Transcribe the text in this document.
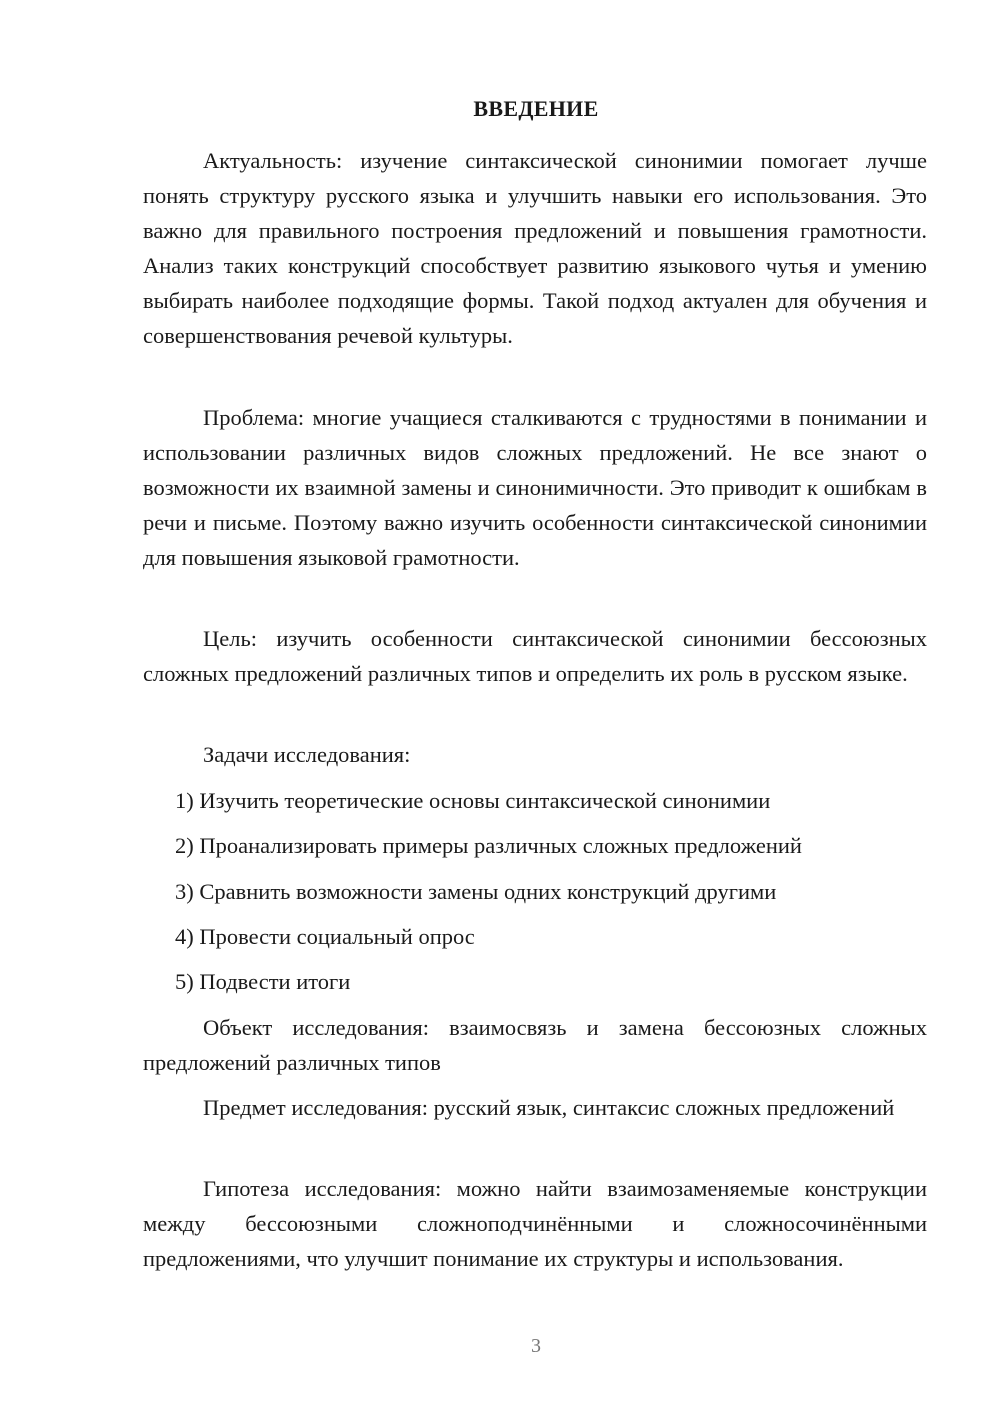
ВВЕДЕНИЕ

Актуальность: изучение синтаксической синонимии помогает лучше понять структуру русского языка и улучшить навыки его использования. Это важно для правильного построения предложений и повышения грамотности. Анализ таких конструкций способствует развитию языкового чутья и умению выбирать наиболее подходящие формы. Такой подход актуален для обучения и совершенствования речевой культуры.

Проблема: многие учащиеся сталкиваются с трудностями в понимании и использовании различных видов сложных предложений. Не все знают о возможности их взаимной замены и синонимичности. Это приводит к ошибкам в речи и письме. Поэтому важно изучить особенности синтаксической синонимии для повышения языковой грамотности.

Цель: изучить особенности синтаксической синонимии бессоюзных сложных предложений различных типов и определить их роль в русском языке.

Задачи исследования:

1) Изучить теоретические основы синтаксической синонимии

2) Проанализировать примеры различных сложных предложений

3) Сравнить возможности замены одних конструкций другими

4) Провести социальный опрос

5) Подвести итоги

Объект исследования: взаимосвязь и замена бессоюзных сложных предложений различных типов

Предмет исследования: русский язык, синтаксис сложных предложений

Гипотеза исследования: можно найти взаимозаменяемые конструкции между бессоюзными сложноподчинёнными и сложносочинёнными предложениями, что улучшит понимание их структуры и использования.

3
